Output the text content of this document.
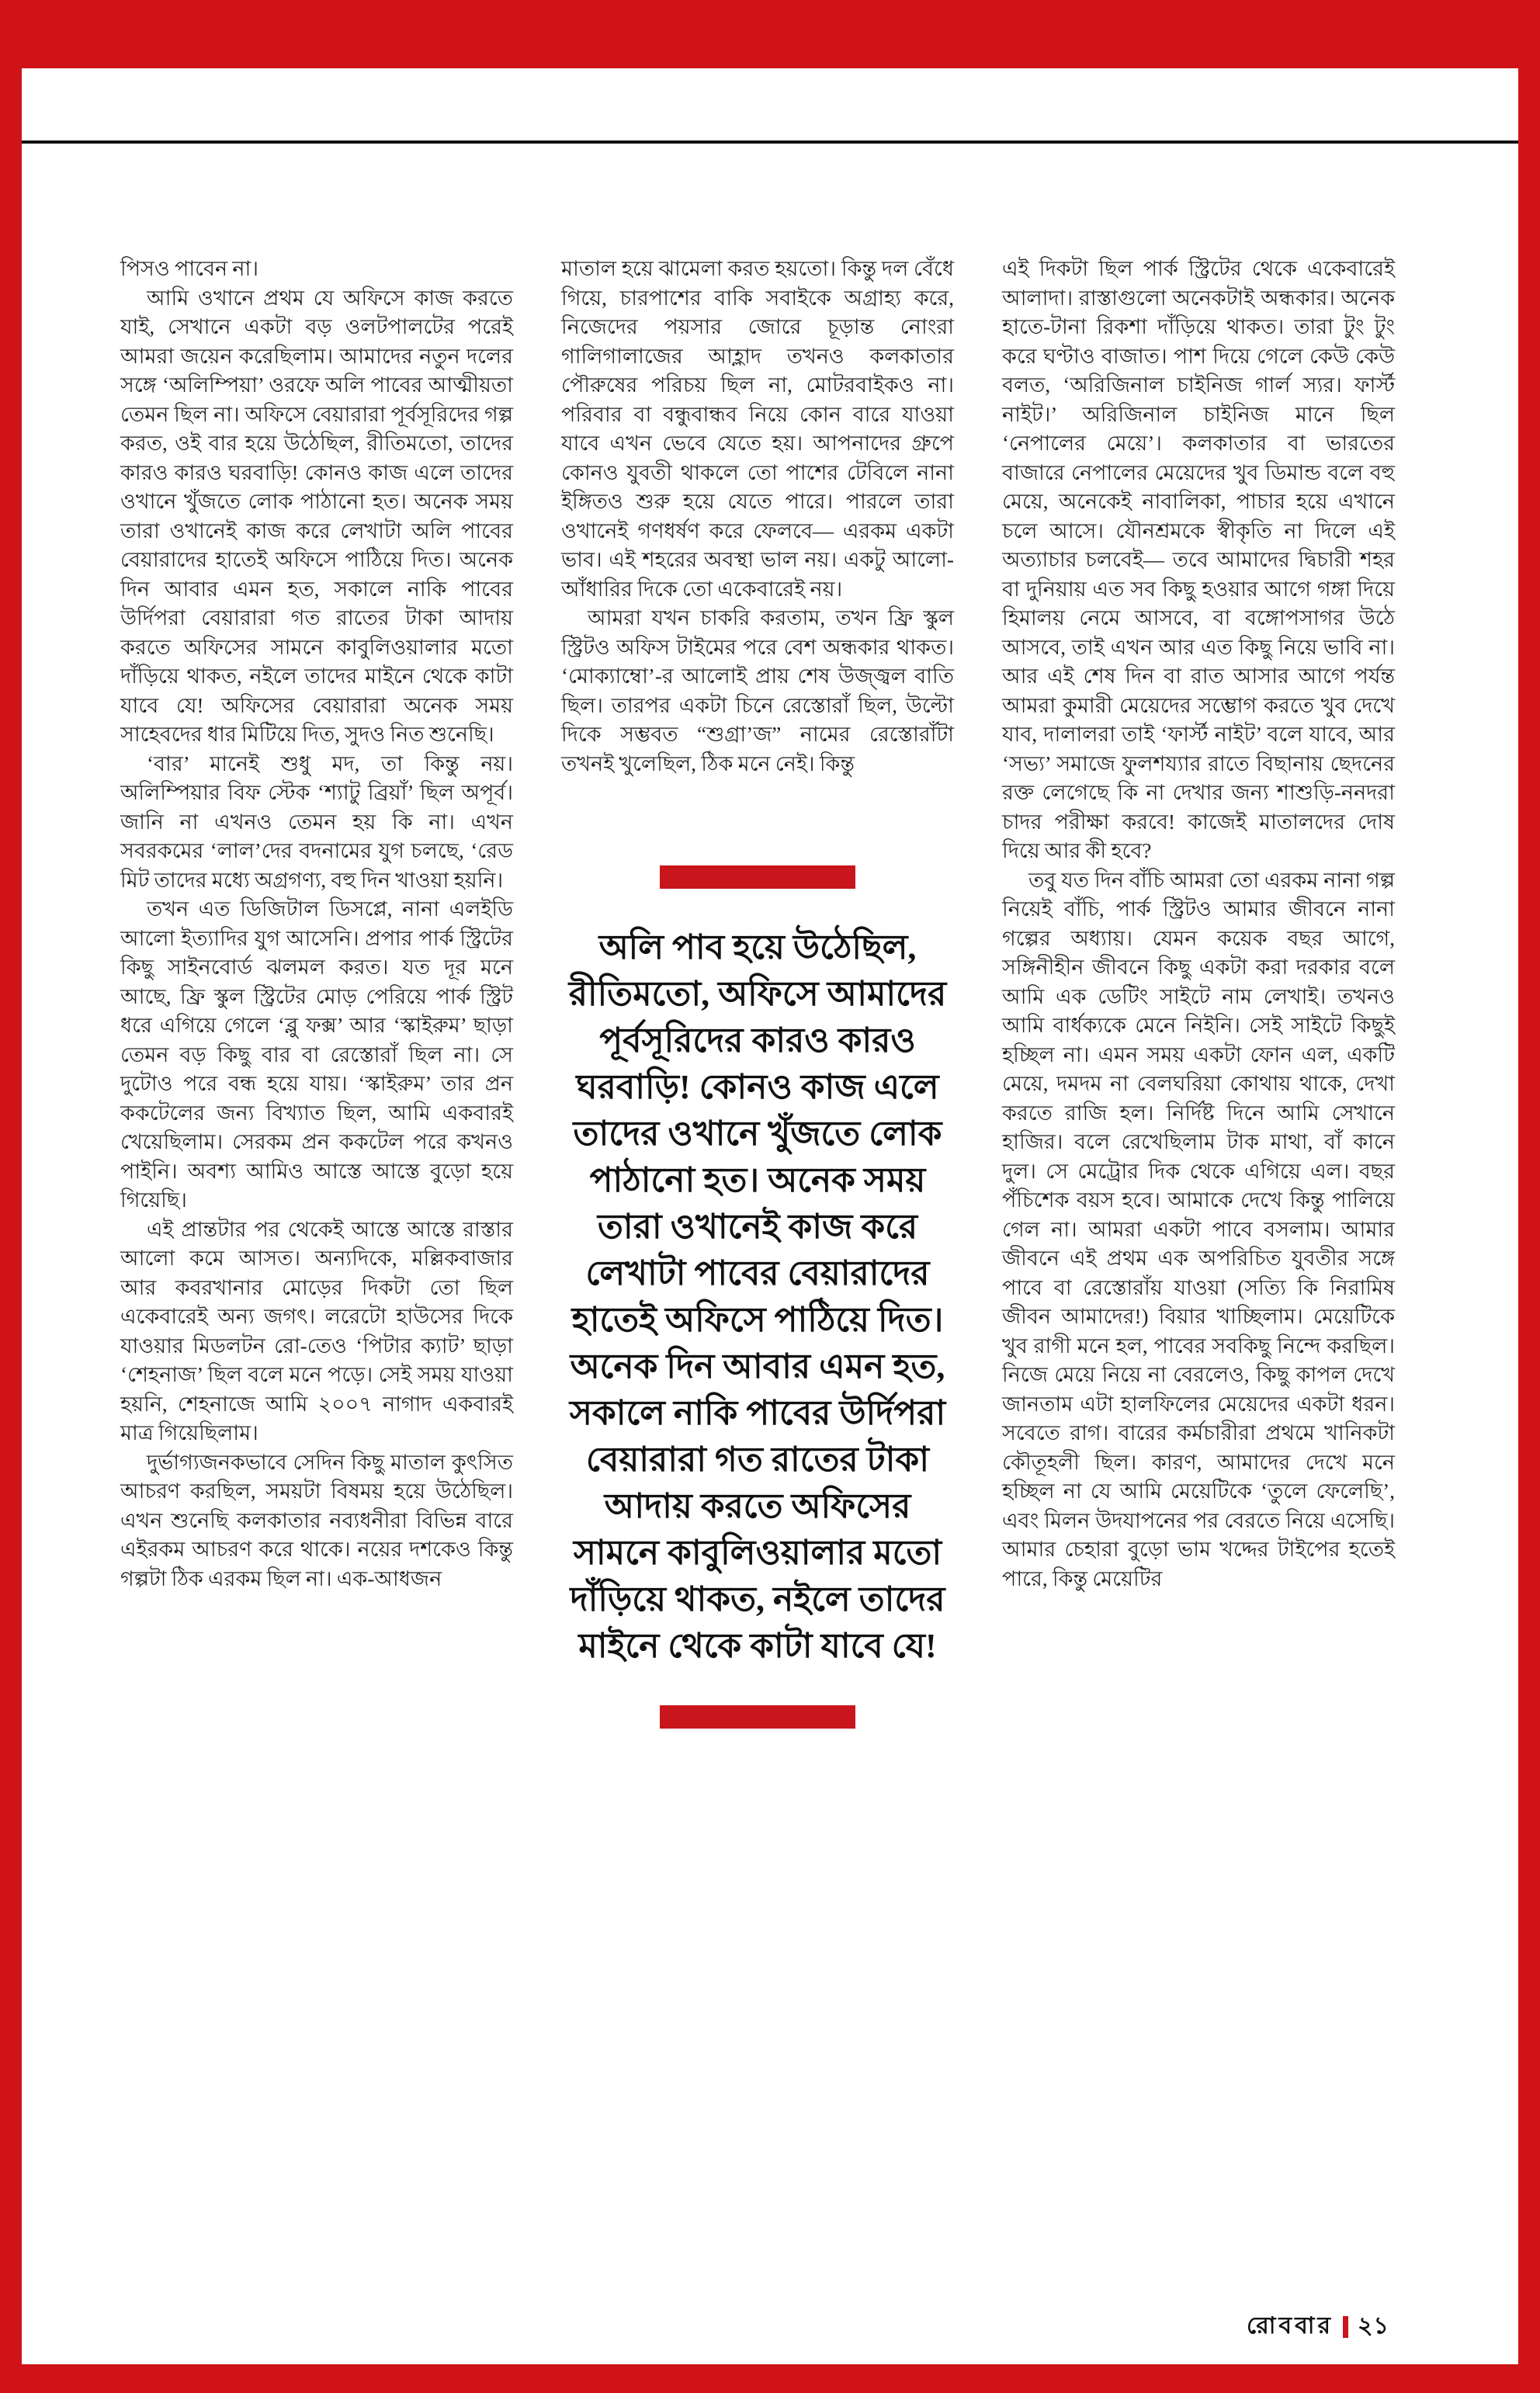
পিসও পাবেন না।

আমি ওখানে প্রথম যে অফিসে কাজ করতে যাই, সেখানে একটা বড় ওলটপালটের পরেই আমরা জয়েন করেছিলাম। আমাদের নতুন দলের সঙ্গে ‘অলিম্পিয়া’ ওরফে অলি পাবের আত্মীয়তা তেমন ছিল না। অফিসে বেয়ারারা পূর্বসূরিদের গল্প করত, ওই বার হয়ে উঠেছিল, রীতিমতো, তাদের কারও কারও ঘরবাড়ি! কোনও কাজ এলে তাদের ওখানে খুঁজতে লোক পাঠানো হত। অনেক সময় তারা ওখানেই কাজ করে লেখাটা অলি পাবের বেয়ারাদের হাতেই অফিসে পাঠিয়ে দিত। অনেক দিন আবার এমন হত, সকালে নাকি পাবের উর্দিপরা বেয়ারারা গত রাতের টাকা আদায় করতে অফিসের সামনে কাবুলিওয়ালার মতো দাঁড়িয়ে থাকত, নইলে তাদের মাইনে থেকে কাটা যাবে যে! অফিসের বেয়ারারা অনেক সময় সাহেবদের ধার মিটিয়ে দিত, সুদও নিত শুনেছি।

‘বার’ মানেই শুধু মদ, তা কিন্তু নয়। অলিম্পিয়ার বিফ স্টেক ‘শ্যাটু ব্রিয়াঁ’ ছিল অপূর্ব। জানি না এখনও তেমন হয় কি না। এখন সবরকমের ‘লাল’দের বদনামের যুগ চলছে, ‘রেড মিট তাদের মধ্যে অগ্রগণ্য, বহু দিন খাওয়া হয়নি।

তখন এত ডিজিটাল ডিসপ্লে, নানা এলইডি আলো ইত্যাদির যুগ আসেনি। প্রপার পার্ক স্ট্রিটের কিছু সাইনবোর্ড ঝলমল করত। যত দূর মনে আছে, ফ্রি স্কুল স্ট্রিটের মোড় পেরিয়ে পার্ক স্ট্রিট ধরে এগিয়ে গেলে ‘ব্লু ফক্স’ আর ‘স্কাইরুম’ ছাড়া তেমন বড় কিছু বার বা রেস্তোরাঁ ছিল না। সে দুটোও পরে বন্ধ হয়ে যায়। ‘স্কাইরুম’ তার প্রন ককটেলের জন্য বিখ্যাত ছিল, আমি একবারই খেয়েছিলাম। সেরকম প্রন ককটেল পরে কখনও পাইনি। অবশ্য আমিও আস্তে আস্তে বুড়ো হয়ে গিয়েছি।

এই প্রান্তটার পর থেকেই আস্তে আস্তে রাস্তার আলো কমে আসত। অন্যদিকে, মল্লিকবাজার আর কবরখানার মোড়ের দিকটা তো ছিল একেবারেই অন্য জগৎ। লরেটো হাউসের দিকে যাওয়ার মিডলটন রো-তেও ‘পিটার ক্যাট’ ছাড়া ‘শেহনাজ’ ছিল বলে মনে পড়ে। সেই সময় যাওয়া হয়নি, শেহনাজে আমি ২০০৭ নাগাদ একবারই মাত্র গিয়েছিলাম।

দুর্ভাগ্যজনকভাবে সেদিন কিছু মাতাল কুৎসিত আচরণ করছিল, সময়টা বিষময় হয়ে উঠেছিল। এখন শুনেছি কলকাতার নব্যধনীরা বিভিন্ন বারে এইরকম আচরণ করে থাকে। নয়ের দশকেও কিন্তু গল্পটা ঠিক এরকম ছিল না। এক-আধজন

মাতাল হয়ে ঝামেলা করত হয়তো। কিন্তু দল বেঁধে গিয়ে, চারপাশের বাকি সবাইকে অগ্রাহ্য করে, নিজেদের পয়সার জোরে চূড়ান্ত নোংরা গালিগালাজের আহ্লাদ তখনও কলকাতার পৌরুষের পরিচয় ছিল না, মোটরবাইকও না। পরিবার বা বন্ধুবান্ধব নিয়ে কোন বারে যাওয়া যাবে এখন ভেবে যেতে হয়। আপনাদের গ্রুপে কোনও যুবতী থাকলে তো পাশের টেবিলে নানা ইঙ্গিতও শুরু হয়ে যেতে পারে। পারলে তারা ওখানেই গণধর্ষণ করে ফেলবে— এরকম একটা ভাব। এই শহরের অবস্থা ভাল নয়। একটু আলো-আঁধারির দিকে তো একেবারেই নয়।

আমরা যখন চাকরি করতাম, তখন ফ্রি স্কুল স্ট্রিটও অফিস টাইমের পরে বেশ অন্ধকার থাকত। ‘মোক্যাম্বো’-র আলোই প্রায় শেষ উজ্জ্বল বাতি ছিল। তারপর একটা চিনে রেস্তোরাঁ ছিল, উল্টো দিকে সম্ভবত “শুগ্রা’জ” নামের রেস্তোরাঁটা তখনই খুলেছিল, ঠিক মনে নেই। কিন্তু

অলি পাব হয়ে উঠেছিল, রীতিমতো, অফিসে আমাদের পূর্বসূরিদের কারও কারও ঘরবাড়ি! কোনও কাজ এলে তাদের ওখানে খুঁজতে লোক পাঠানো হত। অনেক সময় তারা ওখানেই কাজ করে লেখাটা পাবের বেয়ারাদের হাতেই অফিসে পাঠিয়ে দিত। অনেক দিন আবার এমন হত, সকালে নাকি পাবের উর্দিপরা বেয়ারারা গত রাতের টাকা আদায় করতে অফিসের সামনে কাবুলিওয়ালার মতো দাঁড়িয়ে থাকত, নইলে তাদের মাইনে থেকে কাটা যাবে যে!

এই দিকটা ছিল পার্ক স্ট্রিটের থেকে একেবারেই আলাদা। রাস্তাগুলো অনেকটাই অন্ধকার। অনেক হাতে-টানা রিকশা দাঁড়িয়ে থাকত। তারা টুং টুং করে ঘণ্টাও বাজাত। পাশ দিয়ে গেলে কেউ কেউ বলত, ‘অরিজিনাল চাইনিজ গার্ল স্যর। ফার্স্ট নাইট।’ অরিজিনাল চাইনিজ মানে ছিল ‘নেপালের মেয়ে’। কলকাতার বা ভারতের বাজারে নেপালের মেয়েদের খুব ডিমান্ড বলে বহু মেয়ে, অনেকেই নাবালিকা, পাচার হয়ে এখানে চলে আসে। যৌনশ্রমকে স্বীকৃতি না দিলে এই অত্যাচার চলবেই— তবে আমাদের দ্বিচারী শহর বা দুনিয়ায় এত সব কিছু হওয়ার আগে গঙ্গা দিয়ে হিমালয় নেমে আসবে, বা বঙ্গোপসাগর উঠে আসবে, তাই এখন আর এত কিছু নিয়ে ভাবি না। আর এই শেষ দিন বা রাত আসার আগে পর্যন্ত আমরা কুমারী মেয়েদের সম্ভোগ করতে খুব দেখে যাব, দালালরা তাই ‘ফার্স্ট নাইট’ বলে যাবে, আর ‘সভ্য’ সমাজে ফুলশয্যার রাতে বিছানায় ছেদনের রক্ত লেগেছে কি না দেখার জন্য শাশুড়ি-ননদরা চাদর পরীক্ষা করবে! কাজেই মাতালদের দোষ দিয়ে আর কী হবে?

তবু যত দিন বাঁচি আমরা তো এরকম নানা গল্প নিয়েই বাঁচি, পার্ক স্ট্রিটও আমার জীবনে নানা গল্পের অধ্যায়। যেমন কয়েক বছর আগে, সঙ্গিনীহীন জীবনে কিছু একটা করা দরকার বলে আমি এক ডেটিং সাইটে নাম লেখাই। তখনও আমি বার্ধক্যকে মেনে নিইনি। সেই সাইটে কিছুই হচ্ছিল না। এমন সময় একটা ফোন এল, একটি মেয়ে, দমদম না বেলঘরিয়া কোথায় থাকে, দেখা করতে রাজি হল। নির্দিষ্ট দিনে আমি সেখানে হাজির। বলে রেখেছিলাম টাক মাথা, বাঁ কানে দুল। সে মেট্রোর দিক থেকে এগিয়ে এল। বছর পঁচিশেক বয়স হবে। আমাকে দেখে কিন্তু পালিয়ে গেল না। আমরা একটা পাবে বসলাম। আমার জীবনে এই প্রথম এক অপরিচিত যুবতীর সঙ্গে পাবে বা রেস্তোরাঁয় যাওয়া (সত্যি কি নিরামিষ জীবন আমাদের!) বিয়ার খাচ্ছিলাম। মেয়েটিকে খুব রাগী মনে হল, পাবের সবকিছু নিন্দে করছিল। নিজে মেয়ে নিয়ে না বেরলেও, কিছু কাপল দেখে জানতাম এটা হালফিলের মেয়েদের একটা ধরন। সবেতে রাগ। বারের কর্মচারীরা প্রথমে খানিকটা কৌতূহলী ছিল। কারণ, আমাদের দেখে মনে হচ্ছিল না যে আমি মেয়েটিকে ‘তুলে ফেলেছি’, এবং মিলন উদযাপনের পর বেরতে নিয়ে এসেছি। আমার চেহারা বুড়ো ভাম খদ্দের টাইপের হতেই পারে, কিন্তু মেয়েটির

রোববার ২১
